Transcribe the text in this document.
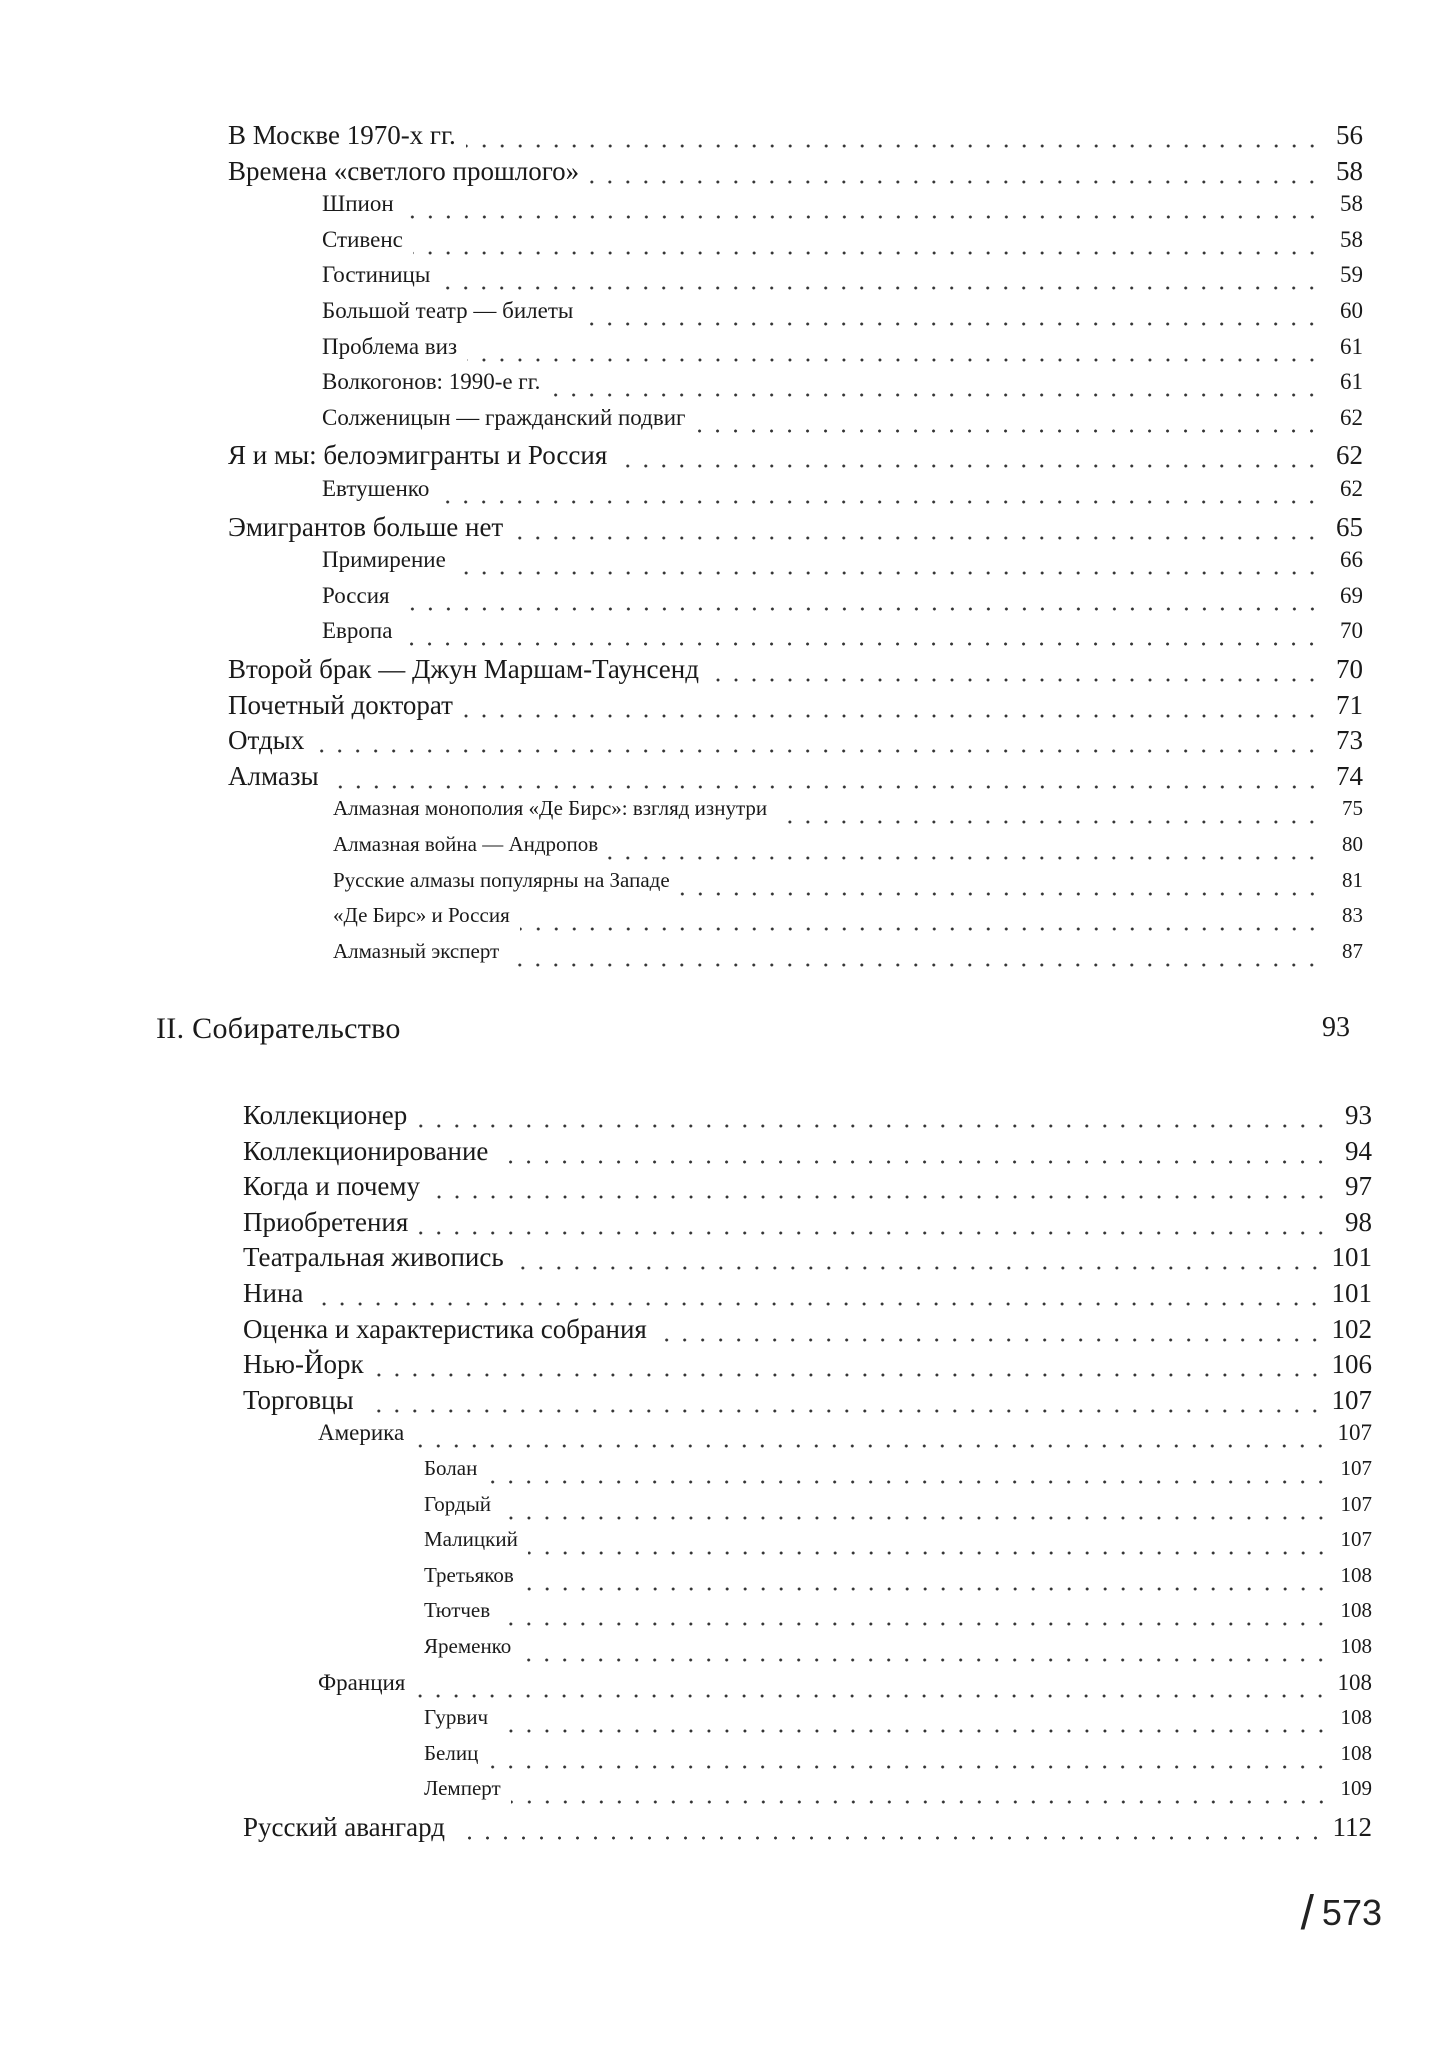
В Москве 1970-х гг.	56
Времена «светлого прошлого»	58
Шпион	58
Стивенс	58
Гостиницы	59
Большой театр — билеты	60
Проблема виз	61
Волкогонов: 1990-е гг.	61
Солженицын — гражданский подвиг	62
Я и мы: белоэмигранты и Россия	62
Евтушенко	62
Эмигрантов больше нет	65
Примирение	66
Россия	69
Европа	70
Второй брак — Джун Маршам-Таунсенд	70
Почетный докторат	71
Отдых	73
Алмазы	74
Алмазная монополия «Де Бирс»: взгляд изнутри	75
Алмазная война — Андропов	80
Русские алмазы популярны на Западе	81
«Де Бирс» и Россия	83
Алмазный эксперт	87
II. Собирательство	93
Коллекционер	93
Коллекционирование	94
Когда и почему	97
Приобретения	98
Театральная живопись	101
Нина	101
Оценка и характеристика собрания	102
Нью-Йорк	106
Торговцы	107
Америка	107
Болан	107
Гордый	107
Малицкий	107
Третьяков	108
Тютчев	108
Яременко	108
Франция	108
Гурвич	108
Белиц	108
Лемперт	109
Русский авангард	112
/ 573
